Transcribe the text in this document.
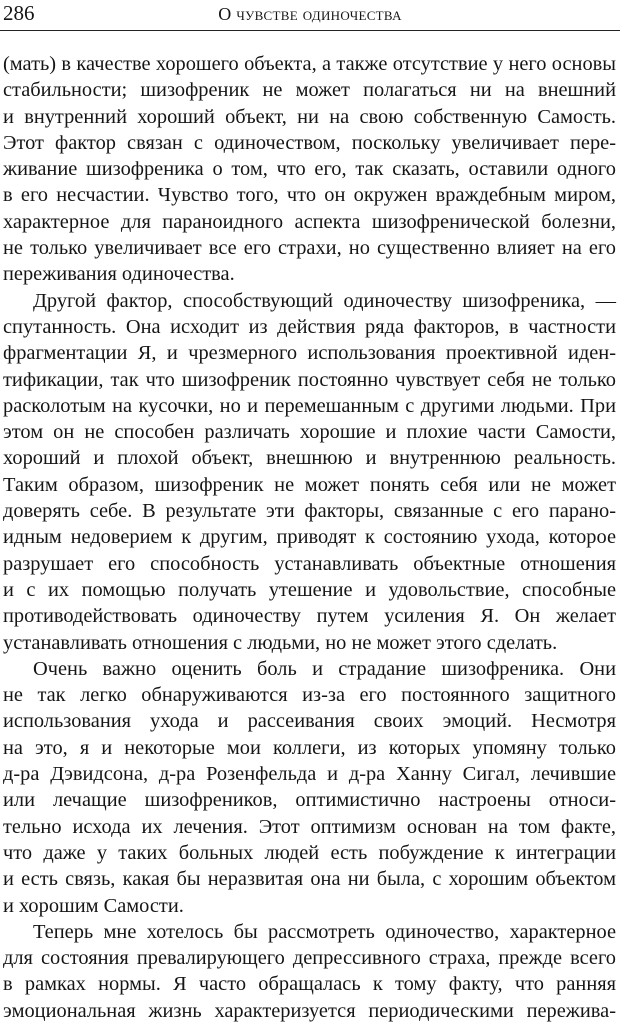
286	О чувстве одиночества
(мать) в качестве хорошего объекта, а также отсутствие у него основы
стабильности; шизофреник не может полагаться ни на внешний
и внутренний хороший объект, ни на свою собственную Самость.
Этот фактор связан с одиночеством, поскольку увеличивает пере-
живание шизофреника о том, что его, так сказать, оставили одного
в его несчастии. Чувство того, что он окружен враждебным миром,
характерное для параноидного аспекта шизофренической болезни,
не только увеличивает все его страхи, но существенно влияет на его
переживания одиночества.
Другой фактор, способствующий одиночеству шизофреника, —
спутанность. Она исходит из действия ряда факторов, в частности
фрагментации Я, и чрезмерного использования проективной иден-
тификации, так что шизофреник постоянно чувствует себя не только
расколотым на кусочки, но и перемешанным с другими людьми. При
этом он не способен различать хорошие и плохие части Самости,
хороший и плохой объект, внешнюю и внутреннюю реальность.
Таким образом, шизофреник не может понять себя или не может
доверять себе. В результате эти факторы, связанные с его парано-
идным недоверием к другим, приводят к состоянию ухода, которое
разрушает его способность устанавливать объектные отношения
и с их помощью получать утешение и удовольствие, способные
противодействовать одиночеству путем усиления Я. Он желает
устанавливать отношения с людьми, но не может этого сделать.
Очень важно оценить боль и страдание шизофреника. Они
не так легко обнаруживаются из-за его постоянного защитного
использования ухода и рассеивания своих эмоций. Несмотря
на это, я и некоторые мои коллеги, из которых упомяну только
д-ра Дэвидсона, д-ра Розенфельда и д-ра Ханну Сигал, лечившие
или лечащие шизофреников, оптимистично настроены относи-
тельно исхода их лечения. Этот оптимизм основан на том факте,
что даже у таких больных людей есть побуждение к интеграции
и есть связь, какая бы неразвитая она ни была, с хорошим объектом
и хорошим Самости.
Теперь мне хотелось бы рассмотреть одиночество, характерное
для состояния превалирующего депрессивного страха, прежде всего
в рамках нормы. Я часто обращалась к тому факту, что ранняя
эмоциональная жизнь характеризуется периодическими пережива-
